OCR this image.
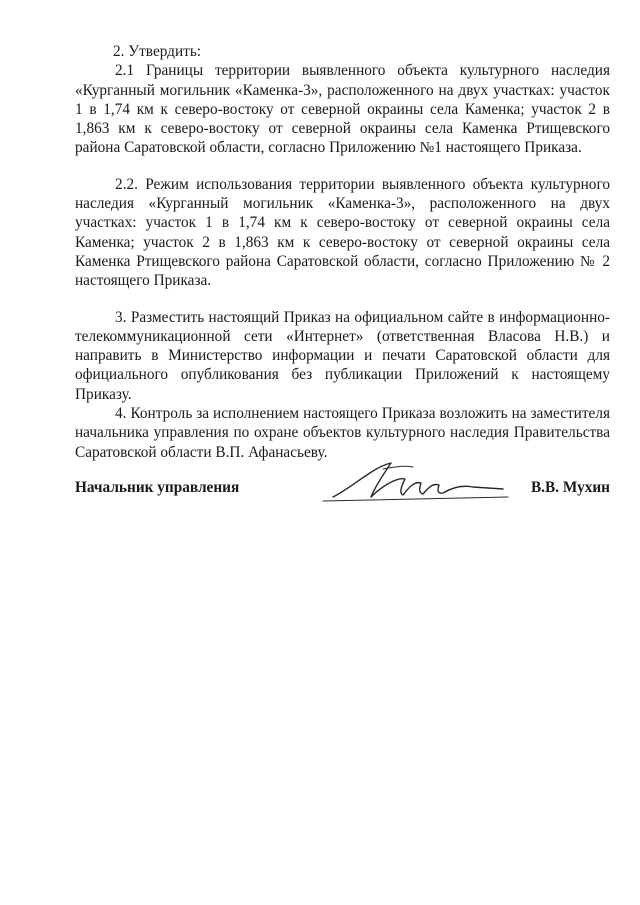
2. Утвердить:

2.1 Границы территории выявленного объекта культурного наследия «Курганный могильник «Каменка-3», расположенного на двух участках: участок 1 в 1,74 км к северо-востоку от северной окраины села Каменка; участок 2 в 1,863 км к северо-востоку от северной окраины села Каменка Ртищевского района Саратовской области, согласно Приложению №1 настоящего Приказа.

2.2. Режим использования территории выявленного объекта культурного наследия «Курганный могильник «Каменка-3», расположенного на двух участках: участок 1 в 1,74 км к северо-востоку от северной окраины села Каменка; участок 2 в 1,863 км к северо-востоку от северной окраины села Каменка Ртищевского района Саратовской области, согласно Приложению № 2 настоящего Приказа.

3. Разместить настоящий Приказ на официальном сайте в информационно-телекоммуникационной сети «Интернет» (ответственная Власова Н.В.) и направить в Министерство информации и печати Саратовской области для официального опубликования без публикации Приложений к настоящему Приказу.

4. Контроль за исполнением настоящего Приказа возложить на заместителя начальника управления по охране объектов культурного наследия Правительства Саратовской области В.П. Афанасьеву.

Начальник управления	В.В. Мухин
